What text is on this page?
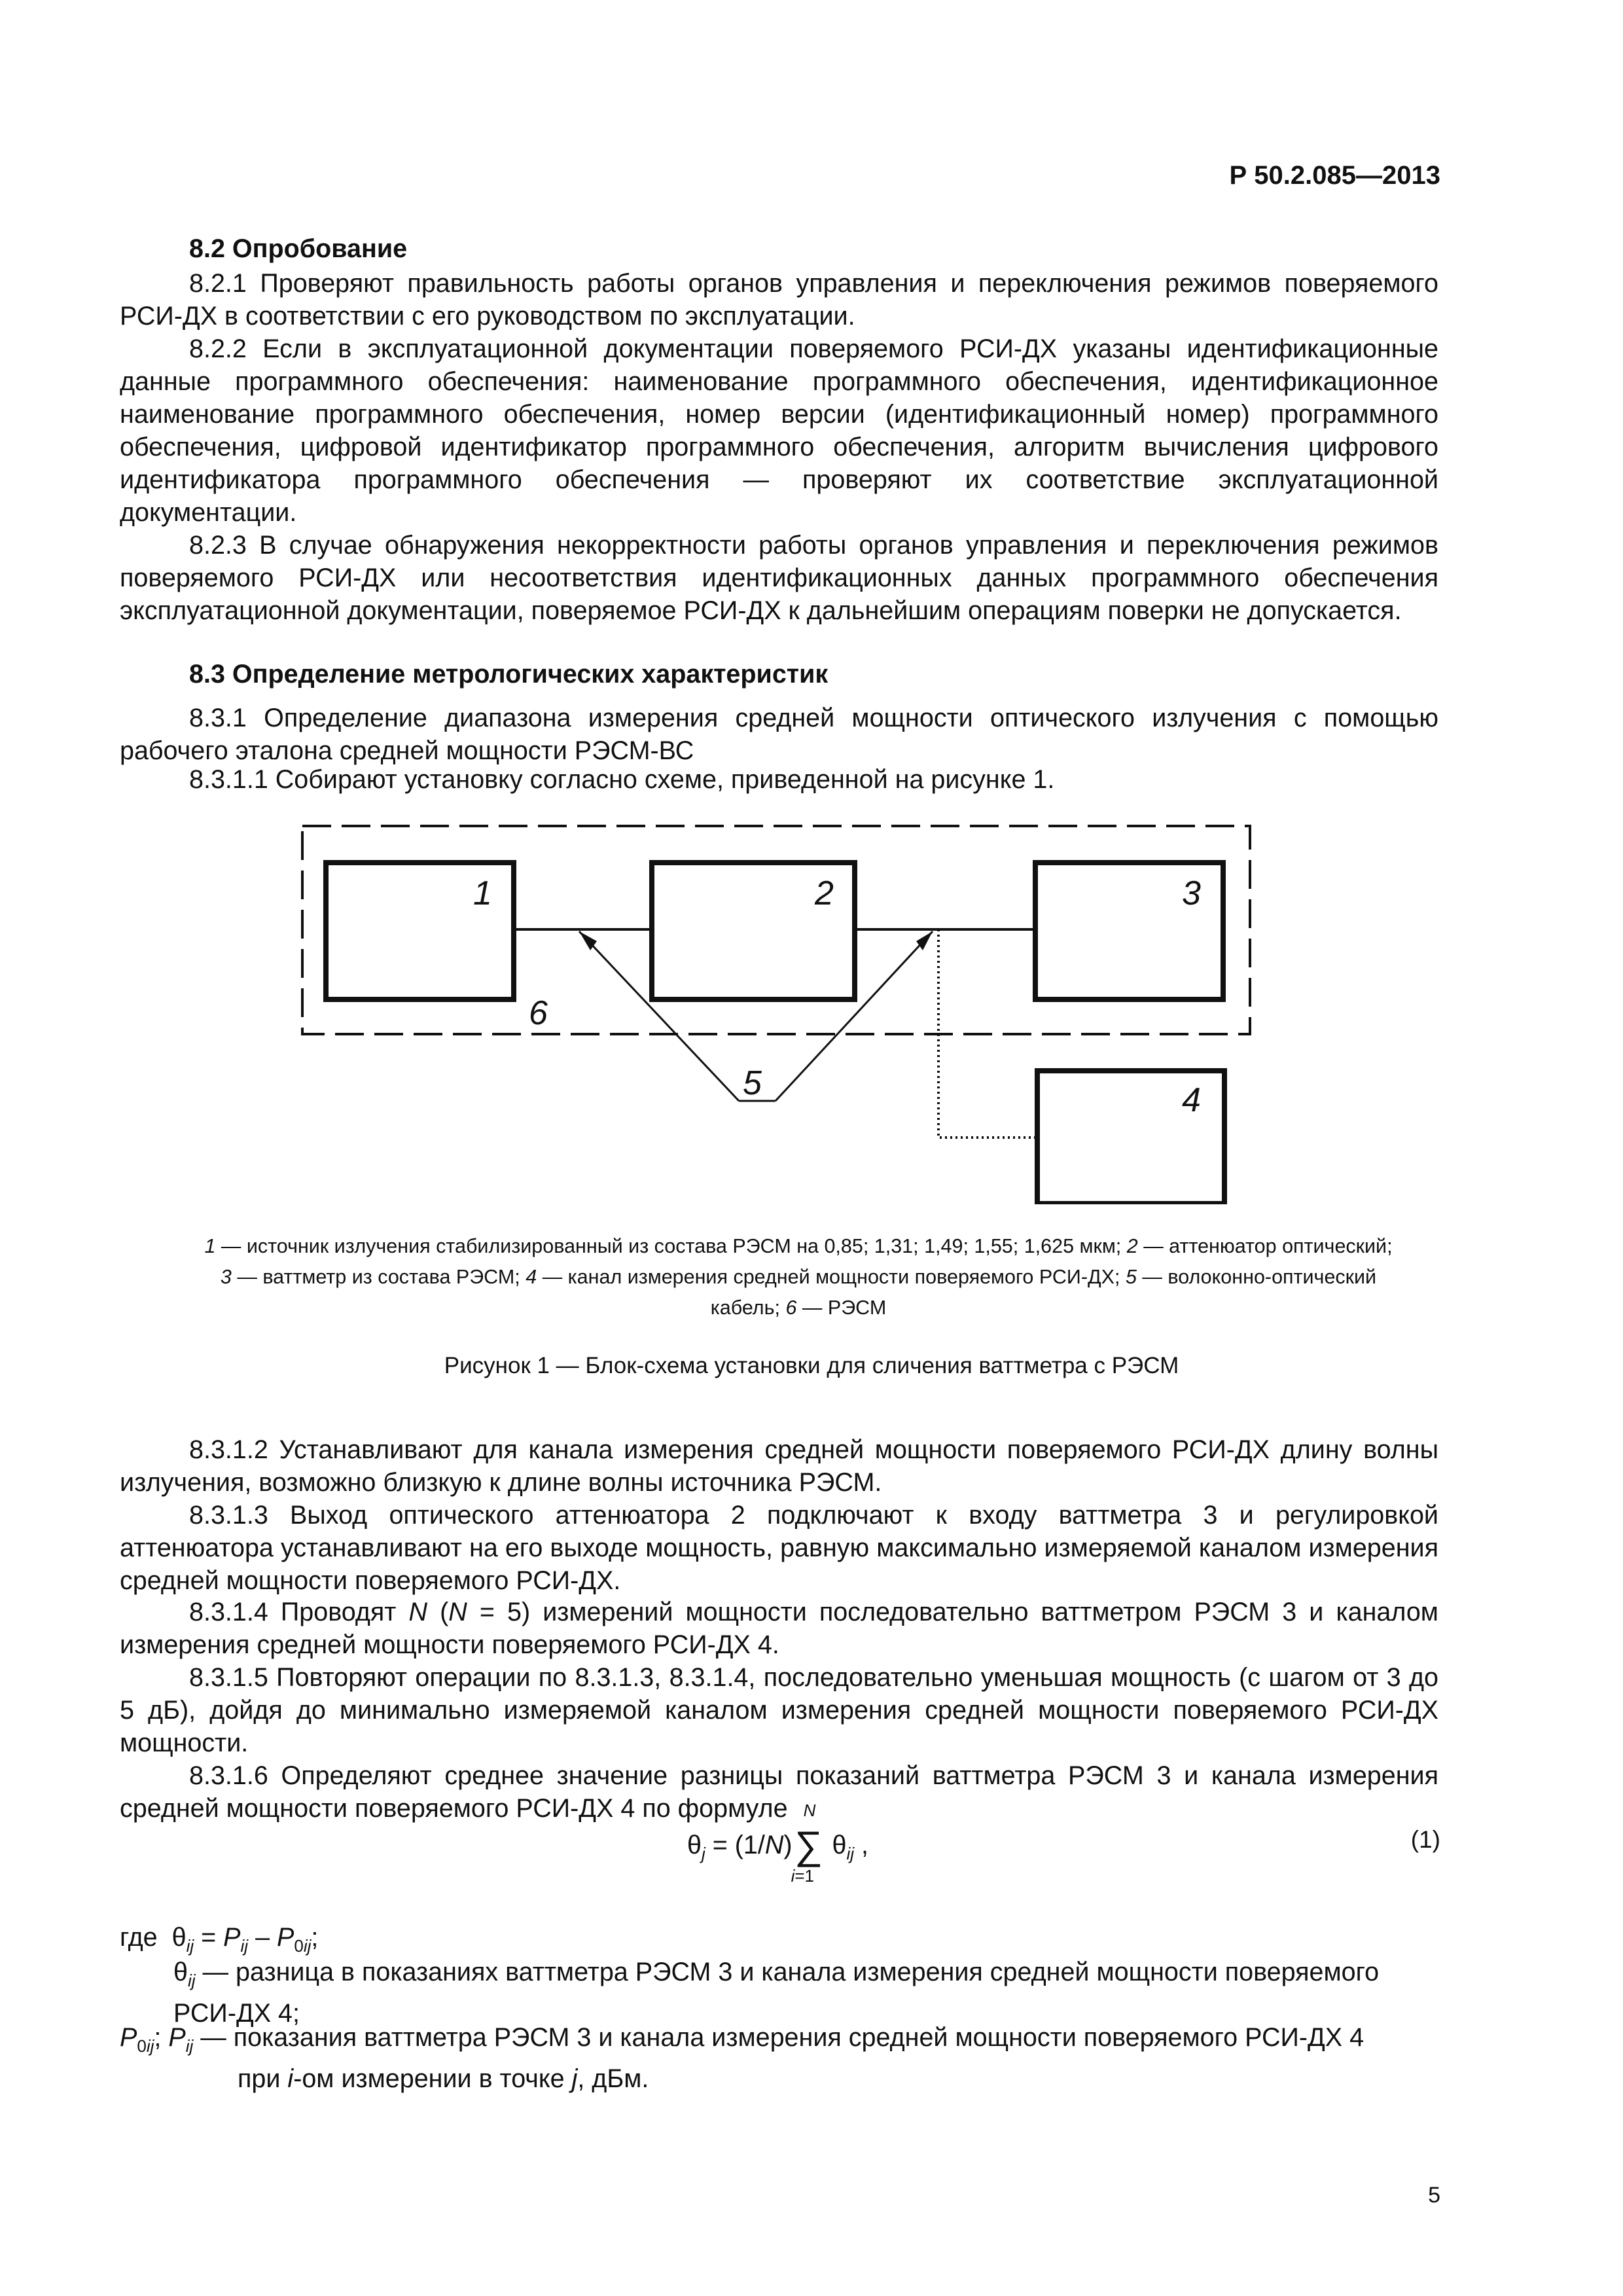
Р 50.2.085—2013
8.2 Опробование
8.2.1 Проверяют правильность работы органов управления и переключения режимов поверяемого РСИ-ДХ в соответствии с его руководством по эксплуатации.
8.2.2 Если в эксплуатационной документации поверяемого РСИ-ДХ указаны идентификационные данные программного обеспечения: наименование программного обеспечения, идентификационное наименование программного обеспечения, номер версии (идентификационный номер) программного обеспечения, цифровой идентификатор программного обеспечения, алгоритм вычисления цифрового идентификатора программного обеспечения — проверяют их соответствие эксплуатационной документации.
8.2.3 В случае обнаружения некорректности работы органов управления и переключения режимов поверяемого РСИ-ДХ или несоответствия идентификационных данных программного обеспечения эксплуатационной документации, поверяемое РСИ-ДХ к дальнейшим операциям поверки не допускается.
8.3 Определение метрологических характеристик
8.3.1 Определение диапазона измерения средней мощности оптического излучения с помощью рабочего эталона средней мощности РЭСМ-ВС
8.3.1.1 Собирают установку согласно схеме, приведенной на рисунке 1.
1	2	3
4
5
6
1 — источник излучения стабилизированный из состава РЭСМ на 0,85; 1,31; 1,49; 1,55; 1,625 мкм; 2 — аттенюатор оптический;
3 — ваттметр из состава РЭСМ; 4 — канал измерения средней мощности поверяемого РСИ-ДХ; 5 — волоконно-оптический
кабель; 6 — РЭСМ
Рисунок 1 — Блок-схема установки для сличения ваттметра с РЭСМ
8.3.1.2 Устанавливают для канала измерения средней мощности поверяемого РСИ-ДХ длину волны излучения, возможно близкую к длине волны источника РЭСМ.
8.3.1.3 Выход оптического аттенюатора 2 подключают к входу ваттметра 3 и регулировкой аттенюатора устанавливают на его выходе мощность, равную максимально измеряемой каналом измерения средней мощности поверяемого РСИ-ДХ.
8.3.1.4 Проводят N (N = 5) измерений мощности последовательно ваттметром РЭСМ 3 и каналом измерения средней мощности поверяемого РСИ-ДХ 4.
8.3.1.5 Повторяют операции по 8.3.1.3, 8.3.1.4, последовательно уменьшая мощность (с шагом от 3 до 5 дБ), дойдя до минимально измеряемой каналом измерения средней мощности поверяемого РСИ-ДХ мощности.
8.3.1.6 Определяют среднее значение разницы показаний ваттметра РЭСМ 3 и канала измерения средней мощности поверяемого РСИ-ДХ 4 по формуле
$\theta_j = (1/N)\sum$
N
i=1
$\theta_{ij}$ ,	(1)
где  $\theta_{ij} = P_{ij} - P_{0ij}$;
$\theta_{ij}$ — разница в показаниях ваттметра РЭСМ 3 и канала измерения средней мощности поверяемого РСИ-ДХ 4;
$P_{0ij}$; $P_{ij}$ — показания ваттметра РЭСМ 3 и канала измерения средней мощности поверяемого РСИ-ДХ 4
при i-ом измерении в точке j, дБм.
5
